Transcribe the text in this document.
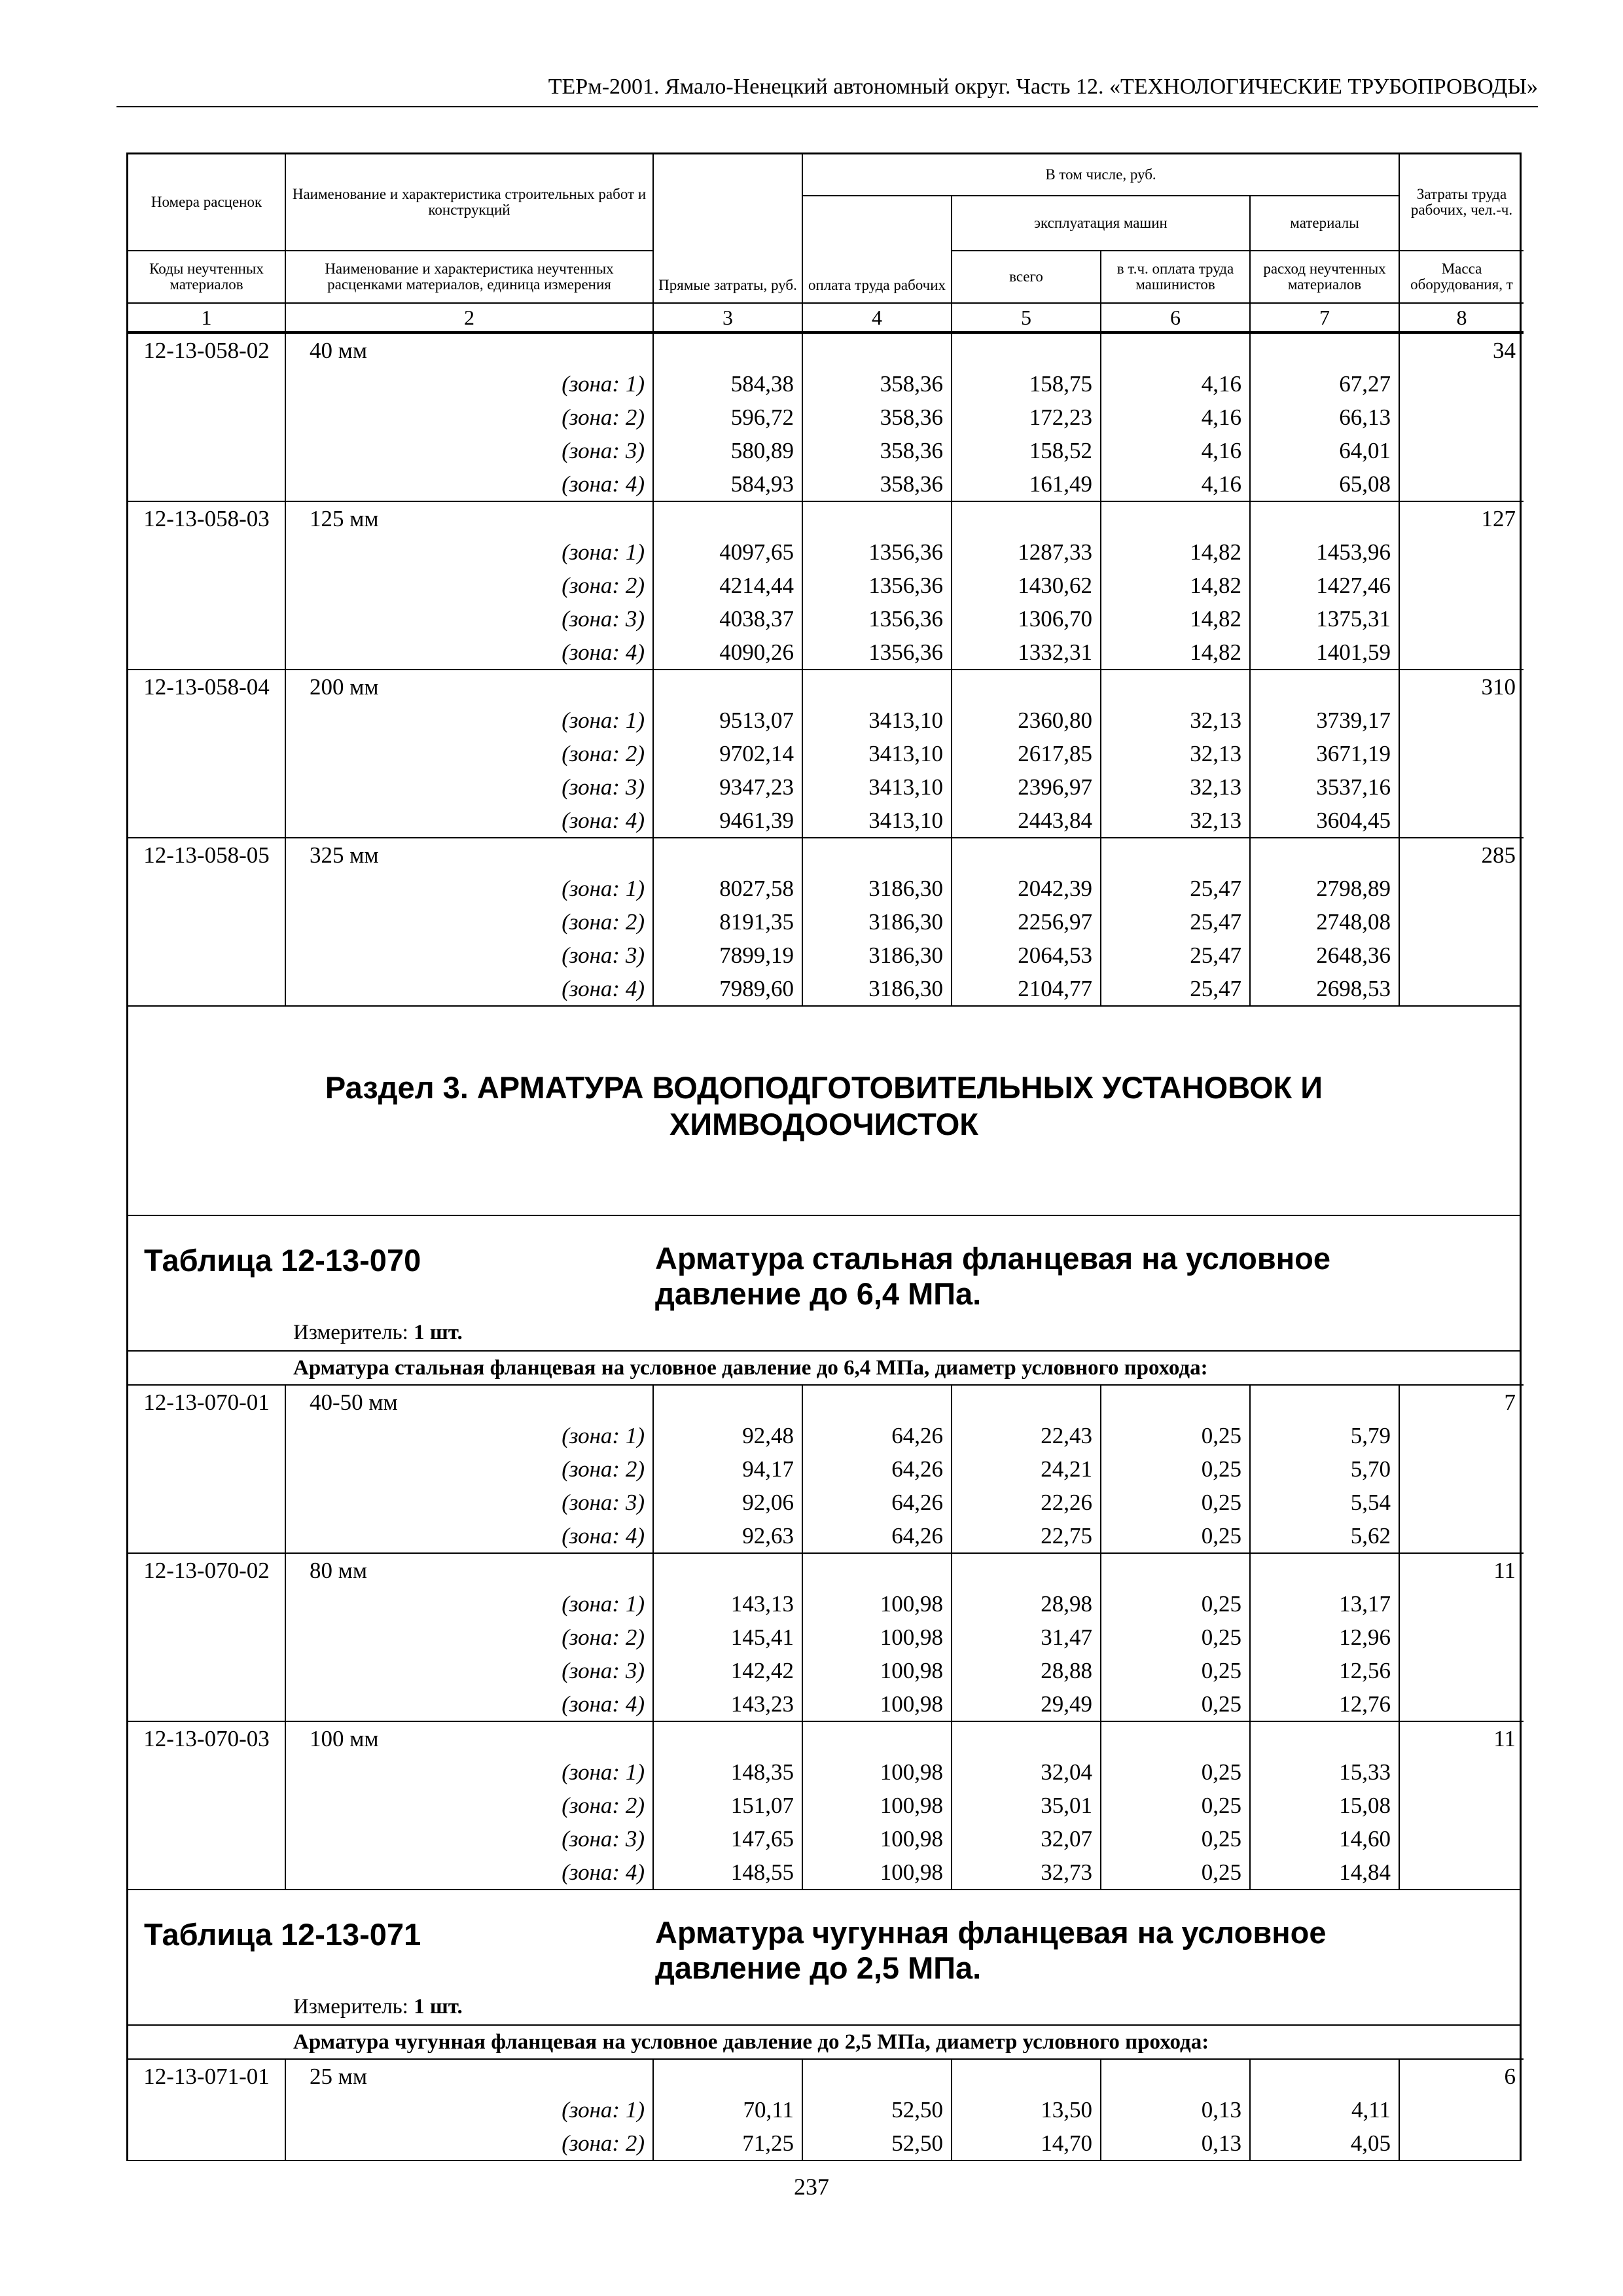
ТЕРм-2001. Ямало-Ненецкий автономный округ. Часть 12. «ТЕХНОЛОГИЧЕСКИЕ ТРУБОПРОВОДЫ»
Номера расценок	Наименование и характеристика строительных работ и конструкций	Прямые затраты, руб.	В том числе, руб.				Затраты труда рабочих, чел.-ч.
			оплата труда рабочих	эксплуатация машин		материалы	

Коды неучтенных материалов	Наименование и характеристика неучтенных расценками материалов, единица измерения			всего	в т.ч. оплата труда машинистов	расход неучтенных материалов	Масса оборудования, т

1	2	3	4	5	6	7	8
12-13-058-02	40 мм						34
	(зона: 1)	584,38	358,36	158,75	4,16	67,27	
	(зона: 2)	596,72	358,36	172,23	4,16	66,13	
	(зона: 3)	580,89	358,36	158,52	4,16	64,01	
	(зона: 4)	584,93	358,36	161,49	4,16	65,08	
12-13-058-03	125 мм						127
	(зона: 1)	4097,65	1356,36	1287,33	14,82	1453,96	
	(зона: 2)	4214,44	1356,36	1430,62	14,82	1427,46	
	(зона: 3)	4038,37	1356,36	1306,70	14,82	1375,31	
	(зона: 4)	4090,26	1356,36	1332,31	14,82	1401,59	
12-13-058-04	200 мм						310
	(зона: 1)	9513,07	3413,10	2360,80	32,13	3739,17	
	(зона: 2)	9702,14	3413,10	2617,85	32,13	3671,19	
	(зона: 3)	9347,23	3413,10	2396,97	32,13	3537,16	
	(зона: 4)	9461,39	3413,10	2443,84	32,13	3604,45	
12-13-058-05	325 мм						285
	(зона: 1)	8027,58	3186,30	2042,39	25,47	2798,89	
	(зона: 2)	8191,35	3186,30	2256,97	25,47	2748,08	
	(зона: 3)	7899,19	3186,30	2064,53	25,47	2648,36	
	(зона: 4)	7989,60	3186,30	2104,77	25,47	2698,53	
Раздел 3. АРМАТУРА ВОДОПОДГОТОВИТЕЛЬНЫХ УСТАНОВОК И
ХИМВОДООЧИСТОК
Таблица 12-13-070	Арматура стальная фланцевая на условное давление до 6,4 МПа.
Измеритель: 1 шт.
Арматура стальная фланцевая на условное давление до 6,4 МПа, диаметр условного прохода:
12-13-070-01	40-50 мм						7
	(зона: 1)	92,48	64,26	22,43	0,25	5,79	
	(зона: 2)	94,17	64,26	24,21	0,25	5,70	
	(зона: 3)	92,06	64,26	22,26	0,25	5,54	
	(зона: 4)	92,63	64,26	22,75	0,25	5,62	
12-13-070-02	80 мм						11
	(зона: 1)	143,13	100,98	28,98	0,25	13,17	
	(зона: 2)	145,41	100,98	31,47	0,25	12,96	
	(зона: 3)	142,42	100,98	28,88	0,25	12,56	
	(зона: 4)	143,23	100,98	29,49	0,25	12,76	
12-13-070-03	100 мм						11
	(зона: 1)	148,35	100,98	32,04	0,25	15,33	
	(зона: 2)	151,07	100,98	35,01	0,25	15,08	
	(зона: 3)	147,65	100,98	32,07	0,25	14,60	
	(зона: 4)	148,55	100,98	32,73	0,25	14,84	
Таблица 12-13-071	Арматура чугунная фланцевая на условное давление до 2,5 МПа.
Измеритель: 1 шт.
Арматура чугунная фланцевая на условное давление до 2,5 МПа, диаметр условного прохода:
12-13-071-01	25 мм						6
	(зона: 1)	70,11	52,50	13,50	0,13	4,11	
	(зона: 2)	71,25	52,50	14,70	0,13	4,05	
237
